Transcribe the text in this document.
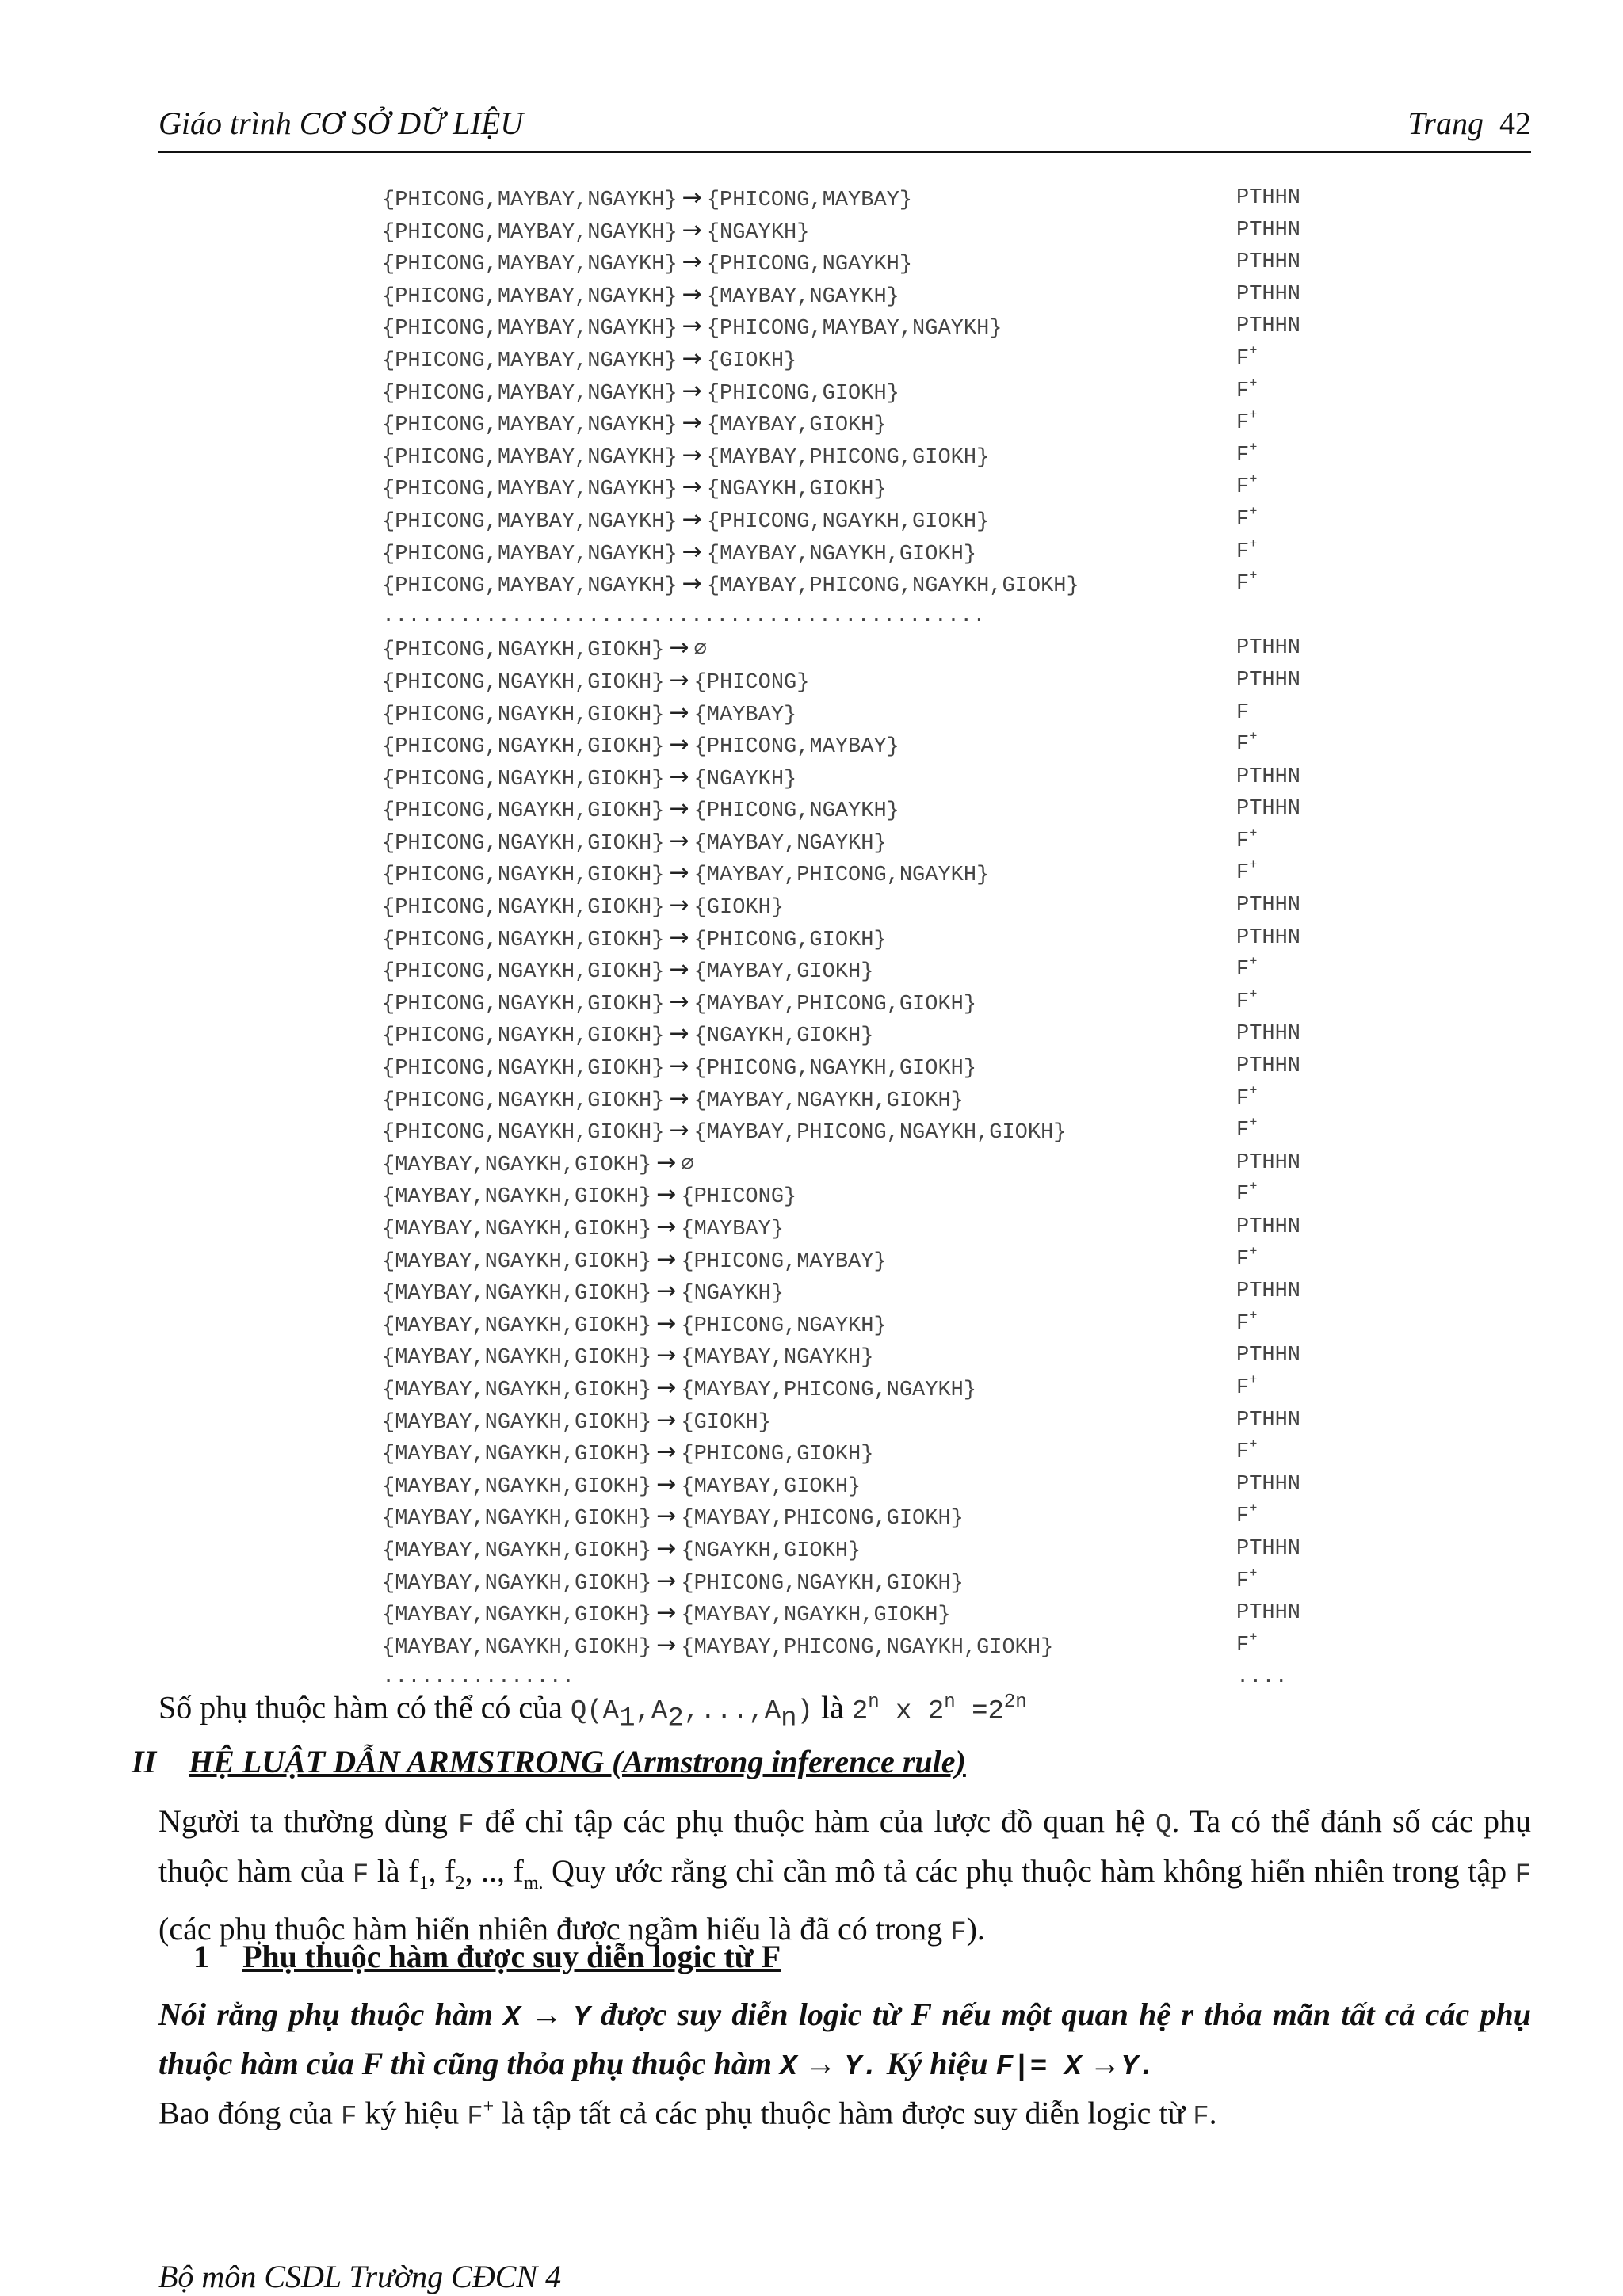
Giáo trình CƠ SỞ DỮ LIỆU	Trang 42
{PHICONG,MAYBAY,NGAYKH} → {PHICONG,MAYBAY}	PTHHN
{PHICONG,MAYBAY,NGAYKH} → {NGAYKH}	PTHHN
{PHICONG,MAYBAY,NGAYKH} → {PHICONG,NGAYKH}	PTHHN
{PHICONG,MAYBAY,NGAYKH} → {MAYBAY,NGAYKH}	PTHHN
{PHICONG,MAYBAY,NGAYKH} → {PHICONG,MAYBAY,NGAYKH}	PTHHN
{PHICONG,MAYBAY,NGAYKH} → {GIOKH}	F+
{PHICONG,MAYBAY,NGAYKH} → {PHICONG,GIOKH}	F+
{PHICONG,MAYBAY,NGAYKH} → {MAYBAY,GIOKH}	F+
{PHICONG,MAYBAY,NGAYKH} → {MAYBAY,PHICONG,GIOKH}	F+
{PHICONG,MAYBAY,NGAYKH} → {NGAYKH,GIOKH}	F+
{PHICONG,MAYBAY,NGAYKH} → {PHICONG,NGAYKH,GIOKH}	F+
{PHICONG,MAYBAY,NGAYKH} → {MAYBAY,NGAYKH,GIOKH}	F+
{PHICONG,MAYBAY,NGAYKH} → {MAYBAY,PHICONG,NGAYKH,GIOKH}	F+
...............................................
{PHICONG,NGAYKH,GIOKH} → ∅	PTHHN
{PHICONG,NGAYKH,GIOKH} → {PHICONG}	PTHHN
{PHICONG,NGAYKH,GIOKH} → {MAYBAY}	F
{PHICONG,NGAYKH,GIOKH} → {PHICONG,MAYBAY}	F+
{PHICONG,NGAYKH,GIOKH} → {NGAYKH}	PTHHN
{PHICONG,NGAYKH,GIOKH} → {PHICONG,NGAYKH}	PTHHN
{PHICONG,NGAYKH,GIOKH} → {MAYBAY,NGAYKH}	F+
{PHICONG,NGAYKH,GIOKH} → {MAYBAY,PHICONG,NGAYKH}	F+
{PHICONG,NGAYKH,GIOKH} → {GIOKH}	PTHHN
{PHICONG,NGAYKH,GIOKH} → {PHICONG,GIOKH}	PTHHN
{PHICONG,NGAYKH,GIOKH} → {MAYBAY,GIOKH}	F+
{PHICONG,NGAYKH,GIOKH} → {MAYBAY,PHICONG,GIOKH}	F+
{PHICONG,NGAYKH,GIOKH} → {NGAYKH,GIOKH}	PTHHN
{PHICONG,NGAYKH,GIOKH} → {PHICONG,NGAYKH,GIOKH}	PTHHN
{PHICONG,NGAYKH,GIOKH} → {MAYBAY,NGAYKH,GIOKH}	F+
{PHICONG,NGAYKH,GIOKH} → {MAYBAY,PHICONG,NGAYKH,GIOKH}	F+
{MAYBAY,NGAYKH,GIOKH} → ∅	PTHHN
{MAYBAY,NGAYKH,GIOKH} → {PHICONG}	F+
{MAYBAY,NGAYKH,GIOKH} → {MAYBAY}	PTHHN
{MAYBAY,NGAYKH,GIOKH} → {PHICONG,MAYBAY}	F+
{MAYBAY,NGAYKH,GIOKH} → {NGAYKH}	PTHHN
{MAYBAY,NGAYKH,GIOKH} → {PHICONG,NGAYKH}	F+
{MAYBAY,NGAYKH,GIOKH} → {MAYBAY,NGAYKH}	PTHHN
{MAYBAY,NGAYKH,GIOKH} → {MAYBAY,PHICONG,NGAYKH}	F+
{MAYBAY,NGAYKH,GIOKH} → {GIOKH}	PTHHN
{MAYBAY,NGAYKH,GIOKH} → {PHICONG,GIOKH}	F+
{MAYBAY,NGAYKH,GIOKH} → {MAYBAY,GIOKH}	PTHHN
{MAYBAY,NGAYKH,GIOKH} → {MAYBAY,PHICONG,GIOKH}	F+
{MAYBAY,NGAYKH,GIOKH} → {NGAYKH,GIOKH}	PTHHN
{MAYBAY,NGAYKH,GIOKH} → {PHICONG,NGAYKH,GIOKH}	F+
{MAYBAY,NGAYKH,GIOKH} → {MAYBAY,NGAYKH,GIOKH}	PTHHN
{MAYBAY,NGAYKH,GIOKH} → {MAYBAY,PHICONG,NGAYKH,GIOKH}	F+
...............	....
Số phụ thuộc hàm có thể có của $Q(A_1,A_2,...,A_n)$ là 2$^n$ x $2^n =2^{2n}$
II HỆ LUẬT DẪN ARMSTRONG (Armstrong inference rule)
Người ta thường dùng F để chỉ tập các phụ thuộc hàm của lược đồ quan hệ Q. Ta có thể đánh số các phụ thuộc hàm của F là $f_1$, $f_2$, .., $f_{m.}$ Quy ước rằng chỉ cần mô tả các phụ thuộc hàm không hiển nhiên trong tập F (các phụ thuộc hàm hiển nhiên được ngầm hiểu là đã có trong F).
1 Phụ thuộc hàm được suy diễn logic từ F
Nói rằng phụ thuộc hàm X → Y được suy diễn logic từ F nếu một quan hệ r thỏa mãn tất cả các phụ thuộc hàm của F thì cũng thỏa phụ thuộc hàm X → Y. Ký hiệu F|= X →Y.
Bao đóng của F ký hiệu F+ là tập tất cả các phụ thuộc hàm được suy diễn logic từ F.
Bộ môn CSDL Trường CĐCN 4
